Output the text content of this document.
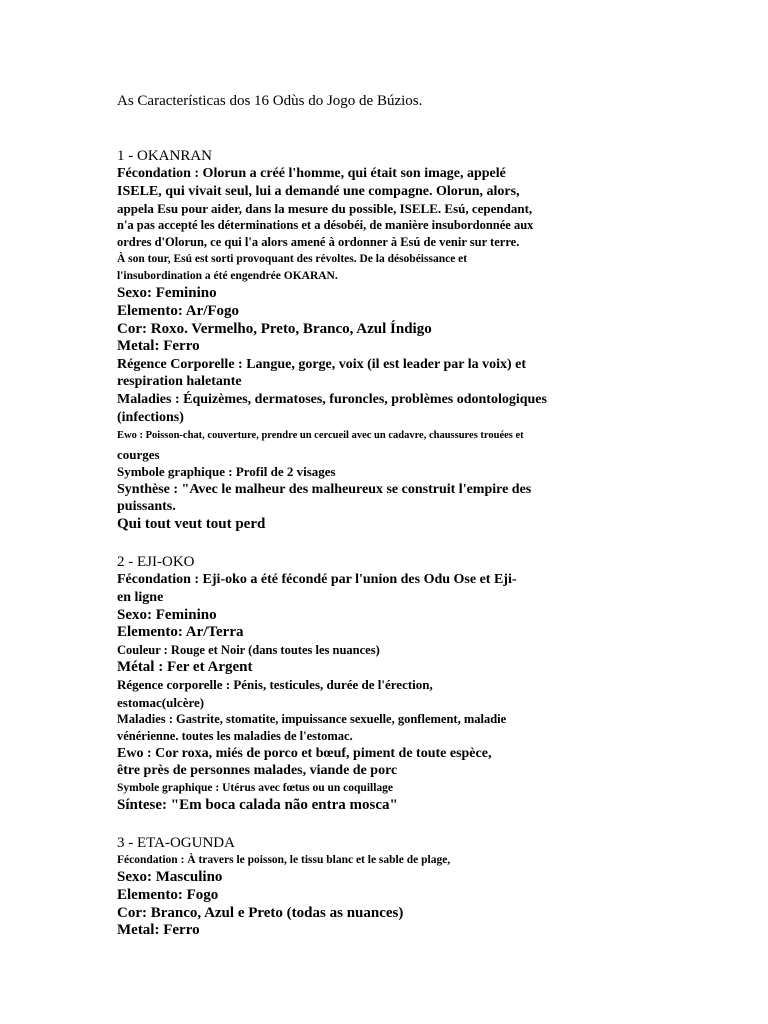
As Características dos 16 Odùs do Jogo de Búzios.
1 - OKANRAN
Fécondation : Olorun a créé l'homme, qui était son image, appelé
ISELE, qui vivait seul, lui a demandé une compagne. Olorun, alors,
appela Esu pour aider, dans la mesure du possible, ISELE. Esú, cependant,
n'a pas accepté les déterminations et a désobéi, de manière insubordonnée aux
ordres d'Olorun, ce qui l'a alors amené à ordonner à Esú de venir sur terre.
À son tour, Esú est sorti provoquant des révoltes. De la désobéissance et
l'insubordination a été engendrée OKARAN.
Sexo: Feminino
Elemento: Ar/Fogo
Cor: Roxo. Vermelho, Preto, Branco, Azul Índigo
Metal: Ferro
Régence Corporelle : Langue, gorge, voix (il est leader par la voix) et
respiration haletante
Maladies : Équizèmes, dermatoses, furoncles, problèmes odontologiques
(infections)
Ewo : Poisson-chat, couverture, prendre un cercueil avec un cadavre, chaussures trouées et
courges
Symbole graphique : Profil de 2 visages
Synthèse : "Avec le malheur des malheureux se construit l'empire des
puissants.
Qui tout veut tout perd
2 - EJI-OKO
Fécondation : Eji-oko a été fécondé par l'union des Odu Ose et Eji-
en ligne
Sexo: Feminino
Elemento: Ar/Terra
Couleur : Rouge et Noir (dans toutes les nuances)
Métal : Fer et Argent
Régence corporelle : Pénis, testicules, durée de l'érection,
estomac(ulcère)
Maladies : Gastrite, stomatite, impuissance sexuelle, gonflement, maladie
vénérienne. toutes les maladies de l'estomac.
Ewo : Cor roxa, miés de porco et bœuf, piment de toute espèce,
être près de personnes malades, viande de porc
Symbole graphique : Utérus avec fœtus ou un coquillage
Síntese: "Em boca calada não entra mosca"
3 - ETA-OGUNDA
Fécondation : À travers le poisson, le tissu blanc et le sable de plage,
Sexo: Masculino
Elemento: Fogo
Cor: Branco, Azul e Preto (todas as nuances)
Metal: Ferro
